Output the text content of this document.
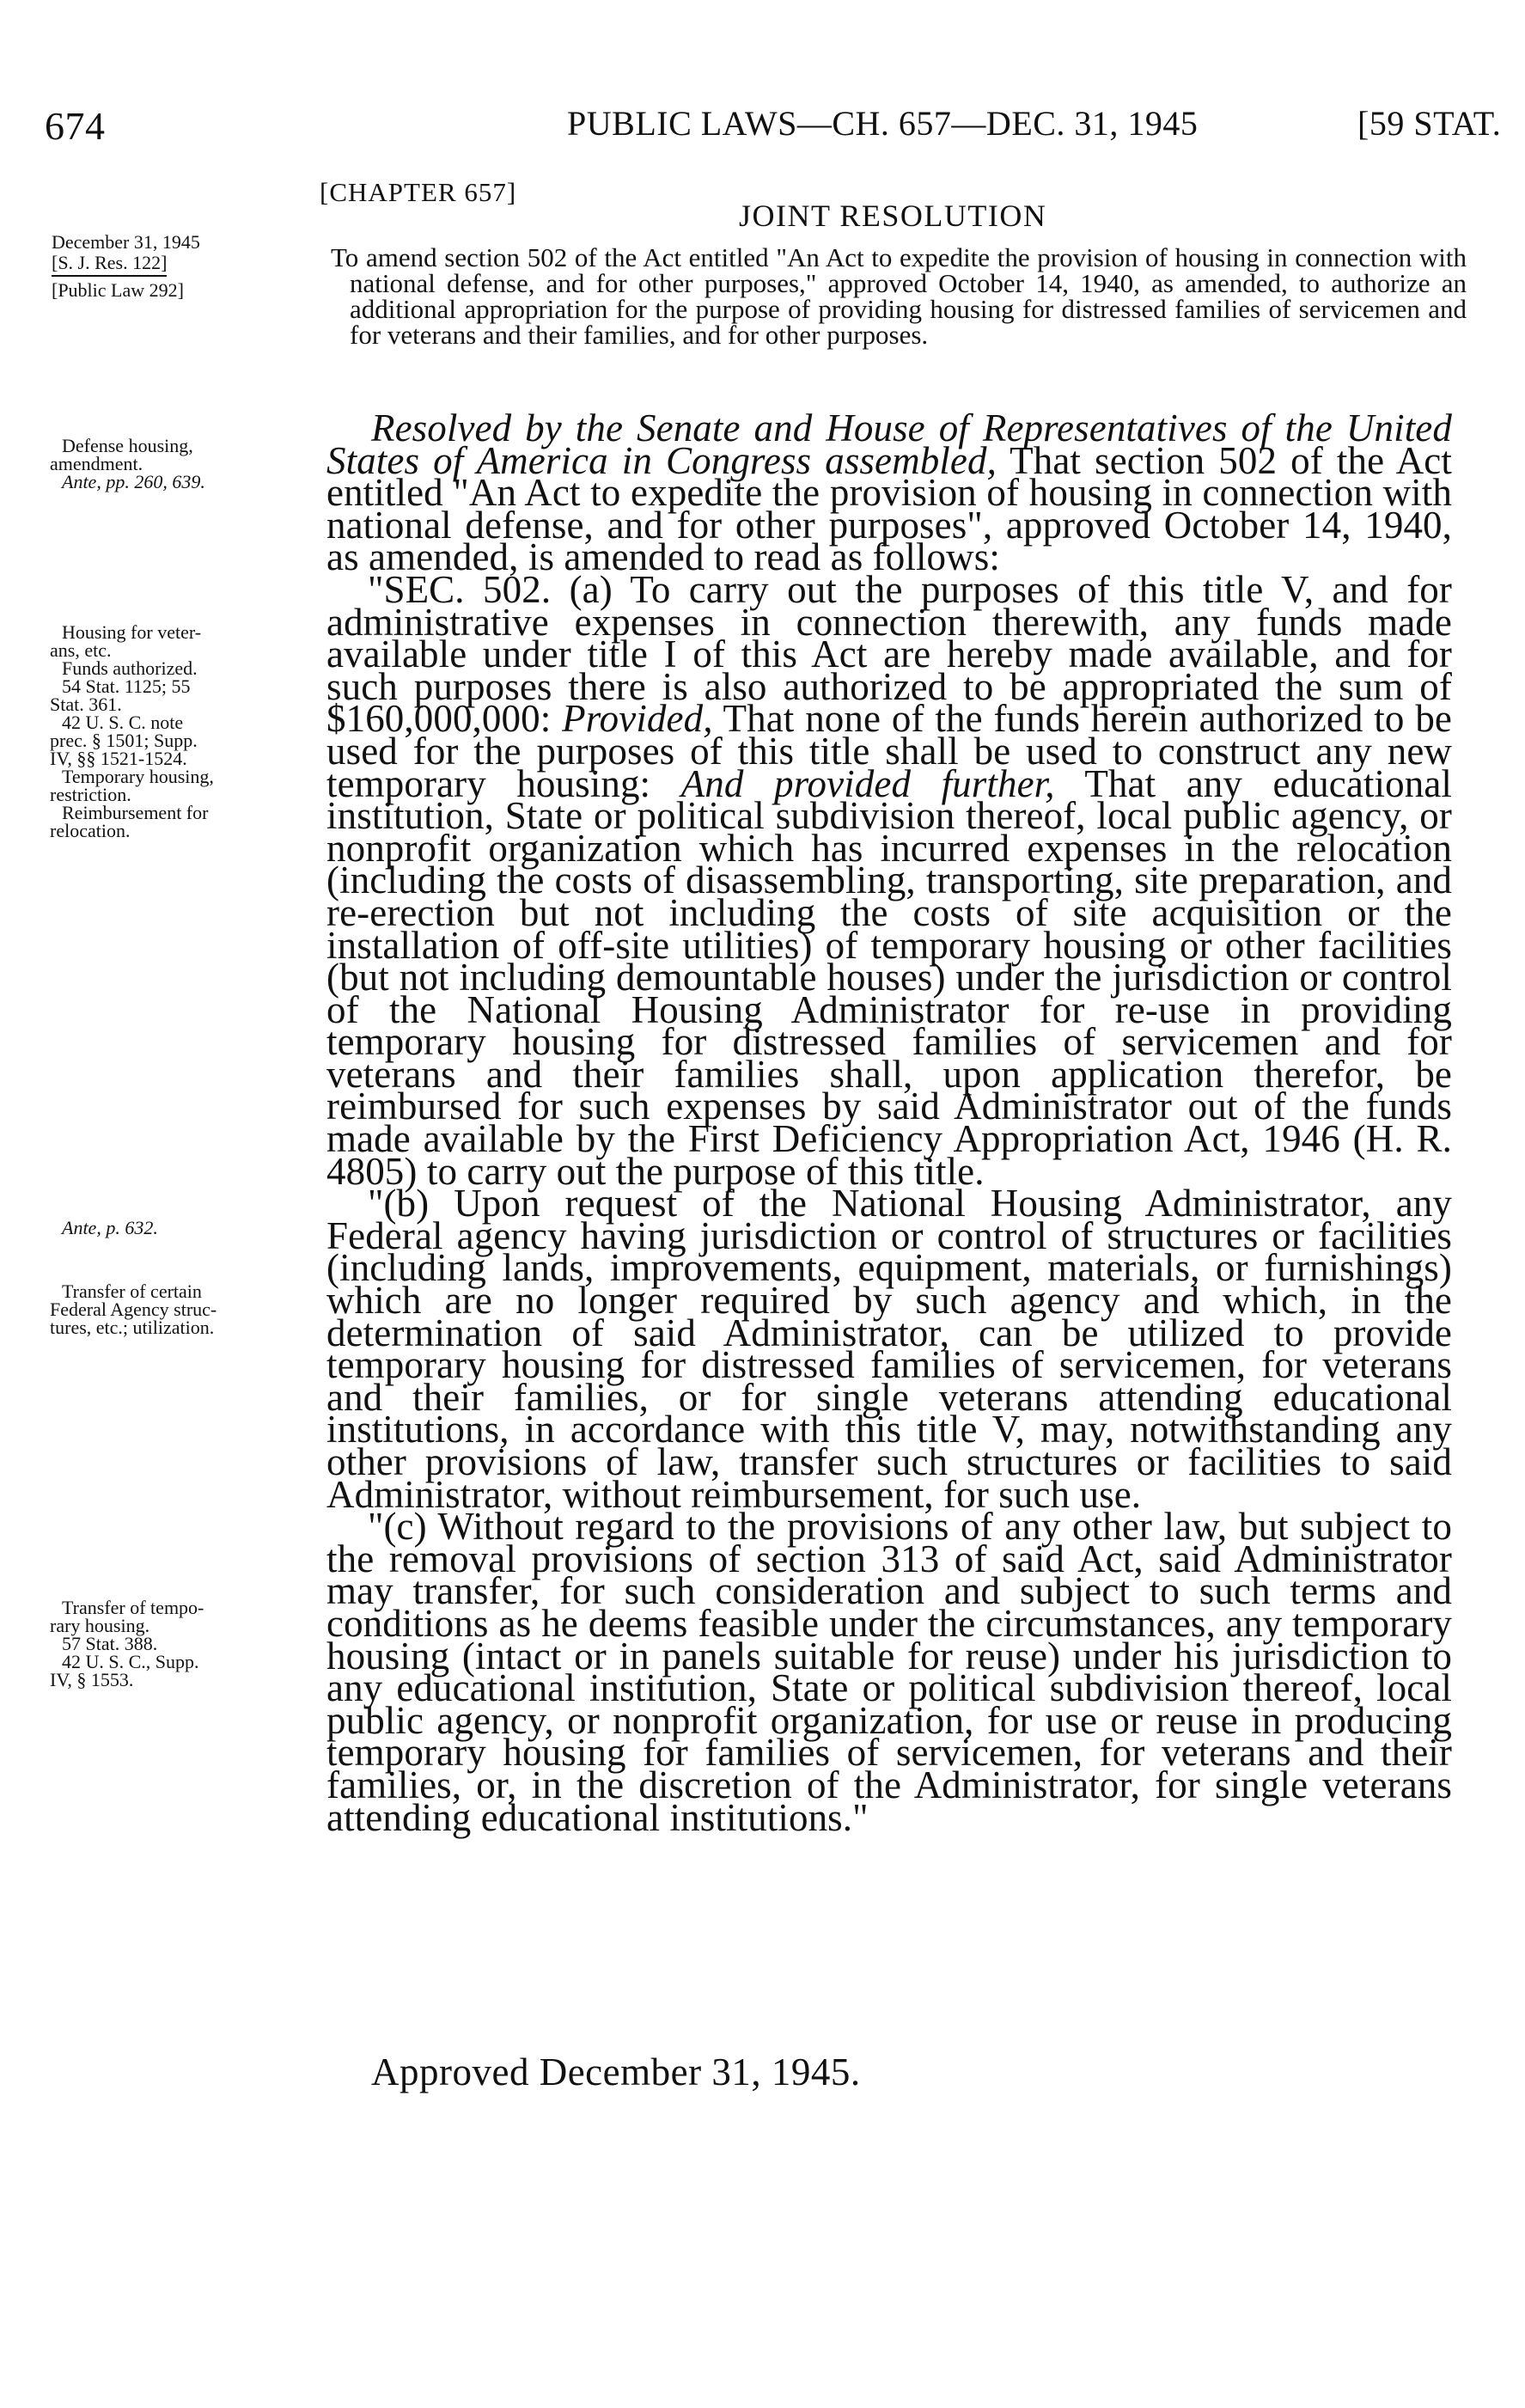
674	PUBLIC LAWS—CH. 657—DEC. 31, 1945	[59 STAT.
[CHAPTER 657]
JOINT RESOLUTION
December 31, 1945
[S. J. Res. 122]
[Public Law 292]
To amend section 502 of the Act entitled "An Act to expedite the provision of housing in connection with national defense, and for other purposes," approved October 14, 1940, as amended, to authorize an additional appropriation for the purpose of providing housing for distressed families of servicemen and for veterans and their families, and for other purposes.
Defense housing,
amendment.
Ante, pp. 260, 639.
Housing for veter-
ans, etc.
Funds authorized.
54 Stat. 1125; 55
Stat. 361.
42 U. S. C. note
prec. § 1501; Supp.
IV, §§ 1521-1524.
Temporary housing,
restriction.
Reimbursement for
relocation.
Ante, p. 632.
Transfer of certain
Federal Agency struc-
tures, etc.; utilization.
Transfer of tempo-
rary housing.
57 Stat. 388.
42 U. S. C., Supp.
IV, § 1553.

Resolved by the Senate and House of Representatives of the United States of America in Congress assembled, That section 502 of the Act entitled "An Act to expedite the provision of housing in connection with national defense, and for other purposes", approved October 14, 1940, as amended, is amended to read as follows:

"SEC. 502. (a) To carry out the purposes of this title V, and for administrative expenses in connection therewith, any funds made available under title I of this Act are hereby made available, and for such purposes there is also authorized to be appropriated the sum of $160,000,000: Provided, That none of the funds herein authorized to be used for the purposes of this title shall be used to construct any new temporary housing: And provided further, That any educational institution, State or political subdivision thereof, local public agency, or nonprofit organization which has incurred expenses in the relocation (including the costs of disassembling, transporting, site preparation, and re-erection but not including the costs of site acquisition or the installation of off-site utilities) of temporary housing or other facilities (but not including demountable houses) under the jurisdiction or control of the National Housing Administrator for re-use in providing temporary housing for distressed families of servicemen and for veterans and their families shall, upon application therefor, be reimbursed for such expenses by said Administrator out of the funds made available by the First Deficiency Appropriation Act, 1946 (H. R. 4805) to carry out the purpose of this title.

"(b) Upon request of the National Housing Administrator, any Federal agency having jurisdiction or control of structures or facilities (including lands, improvements, equipment, materials, or furnishings) which are no longer required by such agency and which, in the determination of said Administrator, can be utilized to provide temporary housing for distressed families of servicemen, for veterans and their families, or for single veterans attending educational institutions, in accordance with this title V, may, notwithstanding any other provisions of law, transfer such structures or facilities to said Administrator, without reimbursement, for such use.

"(c) Without regard to the provisions of any other law, but subject to the removal provisions of section 313 of said Act, said Administrator may transfer, for such consideration and subject to such terms and conditions as he deems feasible under the circumstances, any temporary housing (intact or in panels suitable for reuse) under his jurisdiction to any educational institution, State or political subdivision thereof, local public agency, or nonprofit organization, for use or reuse in producing temporary housing for families of servicemen, for veterans and their families, or, in the discretion of the Administrator, for single veterans attending educational institutions."

Approved December 31, 1945.
